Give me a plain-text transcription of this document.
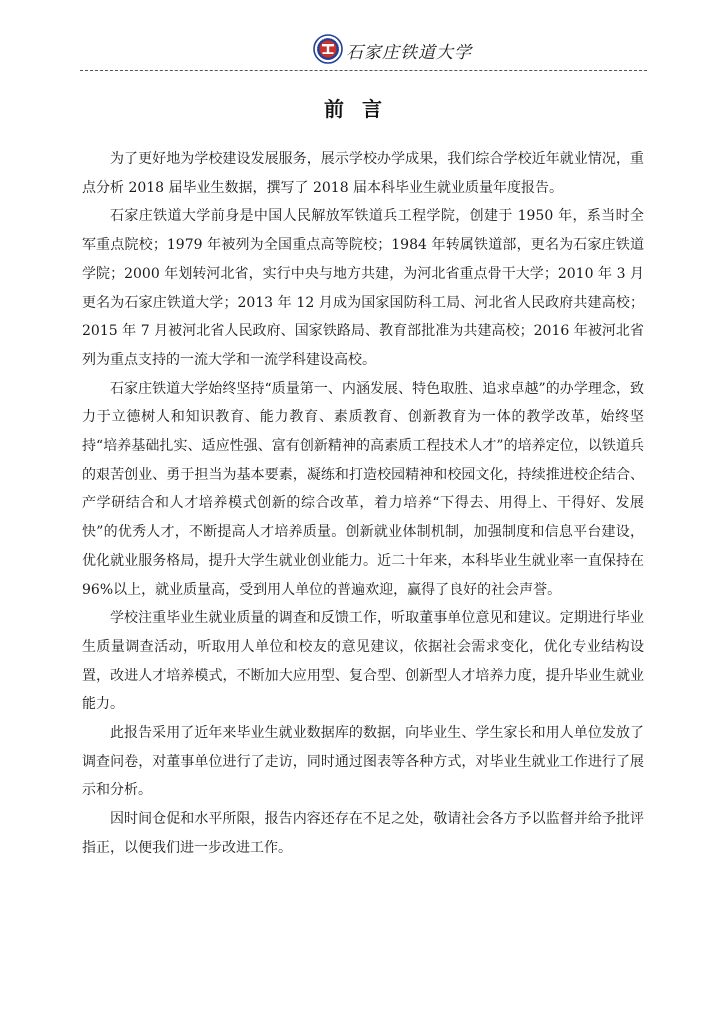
石家庄铁道大学
前言

为了更好地为学校建设发展服务，展示学校办学成果，我们综合学校近年就业情况，重点分析 2018 届毕业生数据，撰写了 2018 届本科毕业生就业质量年度报告。

石家庄铁道大学前身是中国人民解放军铁道兵工程学院，创建于 1950 年，系当时全军重点院校；1979 年被列为全国重点高等院校；1984 年转属铁道部，更名为石家庄铁道学院；2000 年划转河北省，实行中央与地方共建，为河北省重点骨干大学；2010 年 3 月更名为石家庄铁道大学；2013 年 12 月成为国家国防科工局、河北省人民政府共建高校；2015 年 7 月被河北省人民政府、国家铁路局、教育部批准为共建高校；2016 年被河北省列为重点支持的一流大学和一流学科建设高校。

石家庄铁道大学始终坚持“质量第一、内涵发展、特色取胜、追求卓越”的办学理念，致力于立德树人和知识教育、能力教育、素质教育、创新教育为一体的教学改革，始终坚持“培养基础扎实、适应性强、富有创新精神的高素质工程技术人才”的培养定位，以铁道兵的艰苦创业、勇于担当为基本要素，凝练和打造校园精神和校园文化，持续推进校企结合、产学研结合和人才培养模式创新的综合改革，着力培养“下得去、用得上、干得好、发展快”的优秀人才，不断提高人才培养质量。创新就业体制机制，加强制度和信息平台建设，优化就业服务格局，提升大学生就业创业能力。近二十年来，本科毕业生就业率一直保持在 96%以上，就业质量高，受到用人单位的普遍欢迎，赢得了良好的社会声誉。

学校注重毕业生就业质量的调查和反馈工作，听取董事单位意见和建议。定期进行毕业生质量调查活动，听取用人单位和校友的意见建议，依据社会需求变化，优化专业结构设置，改进人才培养模式，不断加大应用型、复合型、创新型人才培养力度，提升毕业生就业能力。

此报告采用了近年来毕业生就业数据库的数据，向毕业生、学生家长和用人单位发放了调查问卷，对董事单位进行了走访，同时通过图表等各种方式，对毕业生就业工作进行了展示和分析。

因时间仓促和水平所限，报告内容还存在不足之处，敬请社会各方予以监督并给予批评指正，以便我们进一步改进工作。
